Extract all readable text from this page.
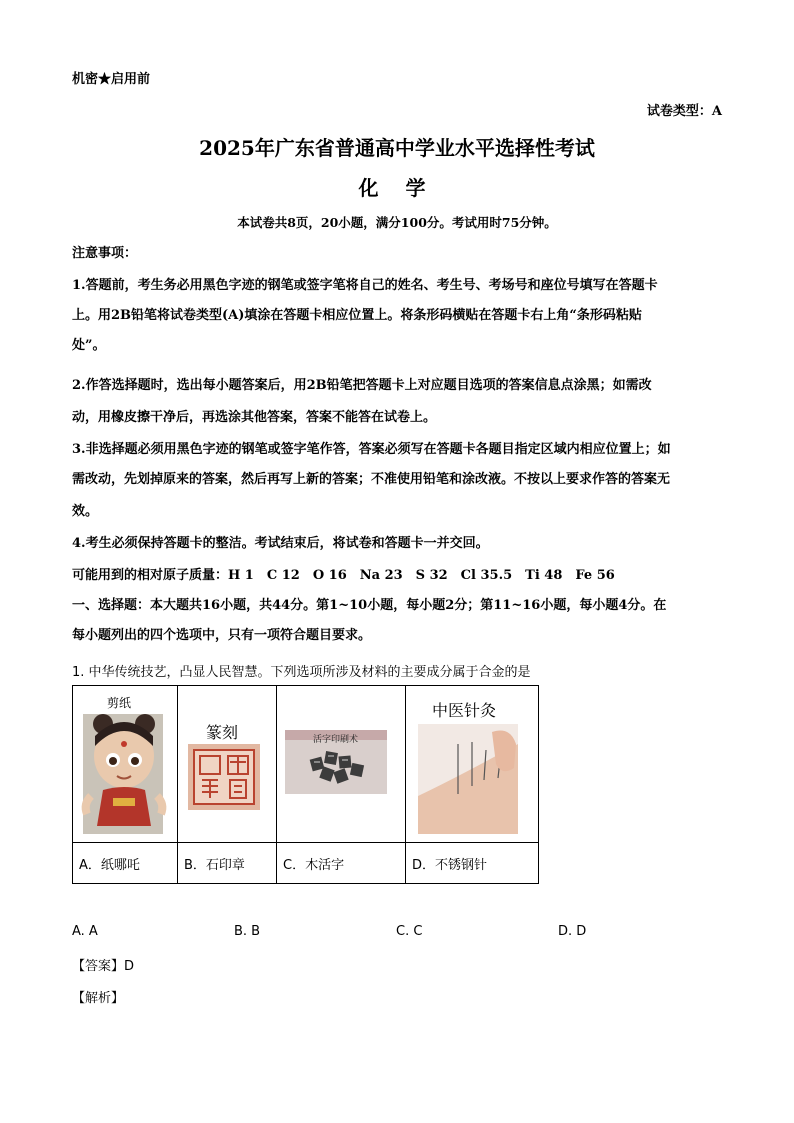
机密★启用前
试卷类型：A
2025年广东省普通高中学业水平选择性考试
化 学
本试卷共8页，20小题，满分100分。考试用时75分钟。
注意事项：
1.答题前，考生务必用黑色字迹的钢笔或签字笔将自己的姓名、考生号、考场号和座位号填写在答题卡
上。用2B铅笔将试卷类型(A)填涂在答题卡相应位置上。将条形码横贴在答题卡右上角“条形码粘贴
处”。
2.作答选择题时，选出每小题答案后，用2B铅笔把答题卡上对应题目选项的答案信息点涂黑；如需改
动，用橡皮擦干净后，再选涂其他答案，答案不能答在试卷上。
3.非选择题必须用黑色字迹的钢笔或签字笔作答，答案必须写在答题卡各题目指定区域内相应位置上；如
需改动，先划掉原来的答案，然后再写上新的答案；不准使用铅笔和涂改液。不按以上要求作答的答案无
效。
4.考生必须保持答题卡的整洁。考试结束后，将试卷和答题卡一并交回。
可能用到的相对原子质量：H 1　C 12　O 16　Na 23　S 32　Cl 35.5　Ti 48　Fe 56
一、选择题：本大题共16小题，共44分。第1~10小题，每小题2分；第11~16小题，每小题4分。在
每小题列出的四个选项中，只有一项符合题目要求。
1. 中华传统技艺，凸显人民智慧。下列选项所涉及材料的主要成分属于合金的是
剪纸	篆刻	活字印刷术	中医针灸

A．纸哪吒	B．石印章	C．木活字	D．不锈钢针
A. A	B. B	C. C	D. D
【答案】D
【解析】
